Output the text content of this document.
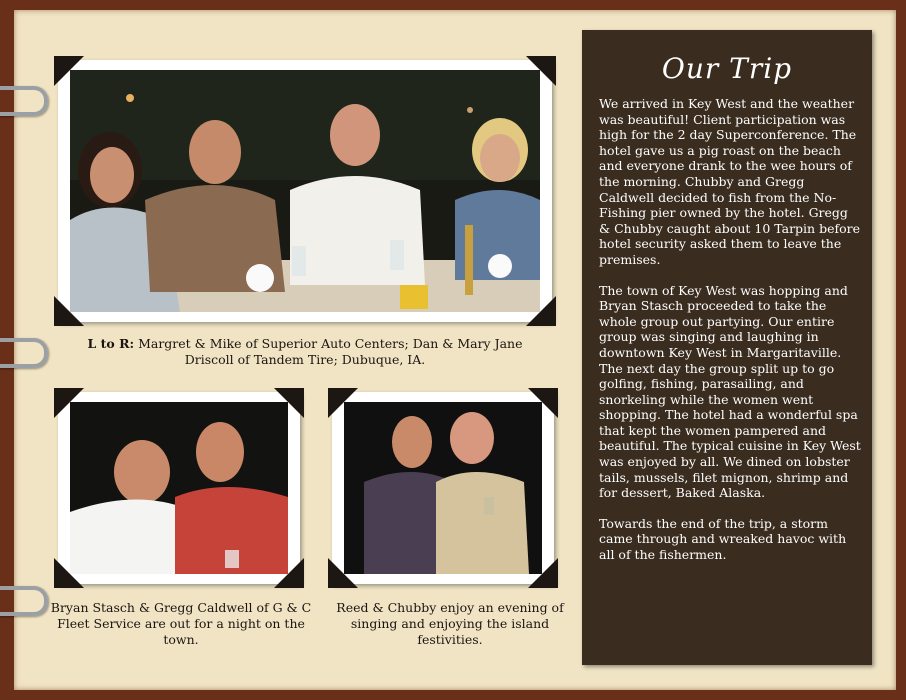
L to R: Margret & Mike of Superior Auto Centers; Dan & Mary Jane Driscoll of Tandem Tire; Dubuque, IA.
Bryan Stasch & Gregg Caldwell of G & C Fleet Service are out for a night on the town.
Reed & Chubby enjoy an evening of singing and enjoying the island festivities.
Our Trip

We arrived in Key West and the weather was beautiful! Client participation was high for the 2 day Superconference. The hotel gave us a pig roast on the beach and everyone drank to the wee hours of the morning. Chubby and Gregg Caldwell decided to fish from the No-Fishing pier owned by the hotel. Gregg & Chubby caught about 10 Tarpin before hotel security asked them to leave the premises.

The town of Key West was hopping and Bryan Stasch proceeded to take the whole group out partying. Our entire group was singing and laughing in downtown Key West in Margaritaville. The next day the group split up to go golfing, fishing, parasailing, and snorkeling while the women went shopping. The hotel had a wonderful spa that kept the women pampered and beautiful. The typical cuisine in Key West was enjoyed by all. We dined on lobster tails, mussels, filet mignon, shrimp and for dessert, Baked Alaska.

Towards the end of the trip, a storm came through and wreaked havoc with all of the fishermen.
